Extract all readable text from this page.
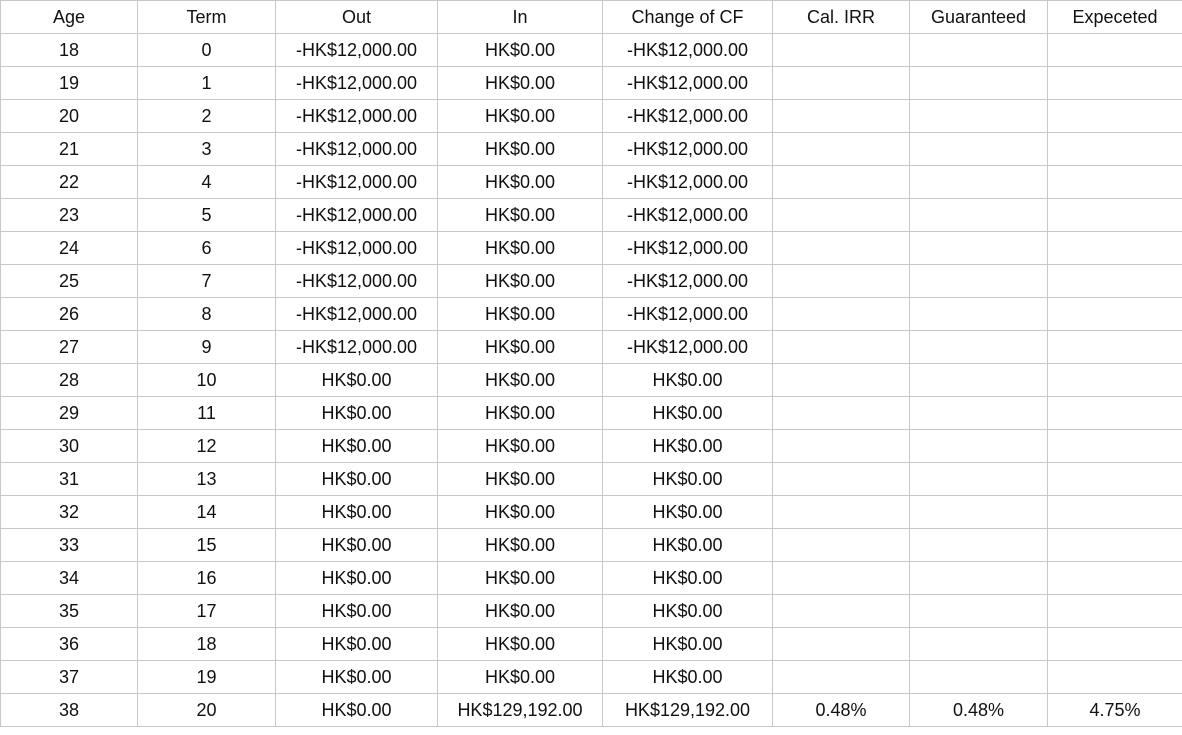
Age	Term	Out	In	Change of CF	Cal. IRR	Guaranteed	Expeceted
18	0	-HK$12,000.00	HK$0.00	-HK$12,000.00			
19	1	-HK$12,000.00	HK$0.00	-HK$12,000.00			
20	2	-HK$12,000.00	HK$0.00	-HK$12,000.00			
21	3	-HK$12,000.00	HK$0.00	-HK$12,000.00			
22	4	-HK$12,000.00	HK$0.00	-HK$12,000.00			
23	5	-HK$12,000.00	HK$0.00	-HK$12,000.00			
24	6	-HK$12,000.00	HK$0.00	-HK$12,000.00			
25	7	-HK$12,000.00	HK$0.00	-HK$12,000.00			
26	8	-HK$12,000.00	HK$0.00	-HK$12,000.00			
27	9	-HK$12,000.00	HK$0.00	-HK$12,000.00			
28	10	HK$0.00	HK$0.00	HK$0.00			
29	11	HK$0.00	HK$0.00	HK$0.00			
30	12	HK$0.00	HK$0.00	HK$0.00			
31	13	HK$0.00	HK$0.00	HK$0.00			
32	14	HK$0.00	HK$0.00	HK$0.00			
33	15	HK$0.00	HK$0.00	HK$0.00			
34	16	HK$0.00	HK$0.00	HK$0.00			
35	17	HK$0.00	HK$0.00	HK$0.00			
36	18	HK$0.00	HK$0.00	HK$0.00			
37	19	HK$0.00	HK$0.00	HK$0.00			
38	20	HK$0.00	HK$129,192.00	HK$129,192.00	0.48%	0.48%	4.75%
